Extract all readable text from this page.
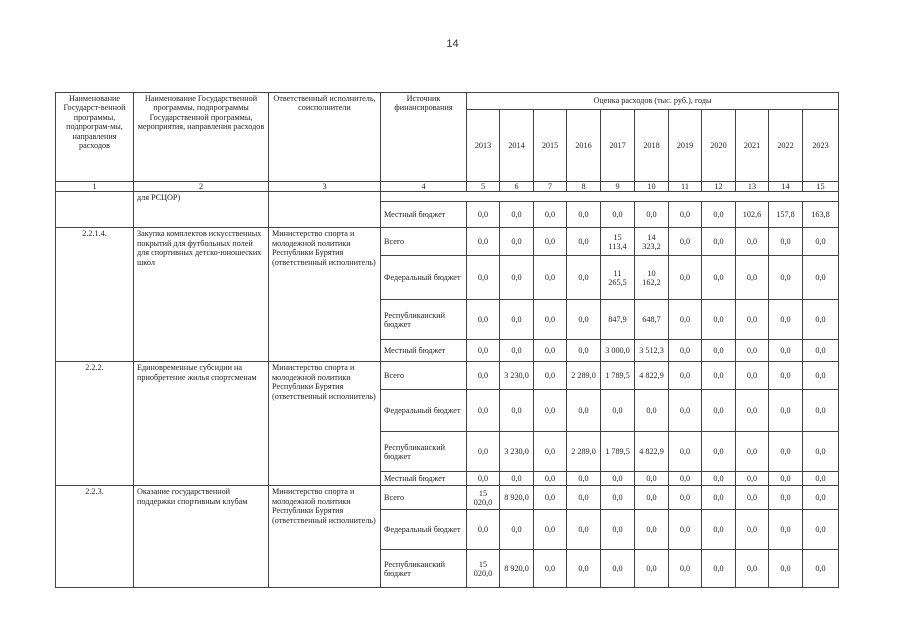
14
Наименование Государст-венной программы, подпрограм-мы, направления расходов	Наименование Государственной программы, подпрограммы Государственной программы, мероприятия, направления расходов	Ответственный исполнитель, соисполнители	Источник финансирования	Оценка расходов (тыс. руб.), годы										
				2013	2014	2015	2016	2017	2018	2019	2020	2021	2022	2023
1	2	3	4	5	6	7	8	9	10	11	12	13	14	15
	для РСЦОР)													
			Местный бюджет	0,0	0,0	0,0	0,0	0,0	0,0	0,0	0,0	102,6	157,8	163,8
2.2.1.4.	Закупка комплектов искусственных покрытий для футбольных полей для спортивных детско-юношеских школ	Министерство спорта и молодежной политики Республики Бурятия (ответственный исполнитель)	Всего	0,0	0,0	0,0	0,0	15 113,4	14 323,2	0,0	0,0	0,0	0,0	0,0
			Федеральный бюджет	0,0	0,0	0,0	0,0	11 265,5	10 162,2	0,0	0,0	0,0	0,0	0,0
			Республиканский бюджет	0,0	0,0	0,0	0,0	847,9	648,7	0,0	0,0	0,0	0,0	0,0
			Местный бюджет	0,0	0,0	0,0	0,0	3 000,0	3 512,3	0,0	0,0	0,0	0,0	0,0
2.2.2.	Единовременные субсидии на приобретение жилья спортсменам	Министерство спорта и молодежной политики Республики Бурятия (ответственный исполнитель)	Всего	0,0	3 230,0	0,0	2 289,0	1 789,5	4 822,9	0,0	0,0	0,0	0,0	0,0
			Федеральный бюджет	0,0	0,0	0,0	0,0	0,0	0,0	0,0	0,0	0,0	0,0	0,0
			Республиканский бюджет	0,0	3 230,0	0,0	2 289,0	1 789,5	4 822,9	0,0	0,0	0,0	0,0	0,0
			Местный бюджет	0,0	0,0	0,0	0,0	0,0	0,0	0,0	0,0	0,0	0,0	0,0
2.2.3.	Оказание государственной поддержки спортивным клубам	Министерство спорта и молодежной политики Республики Бурятия (ответственный исполнитель)	Всего	15 020,0	8 920,0	0,0	0,0	0,0	0,0	0,0	0,0	0,0	0,0	0,0
			Федеральный бюджет	0,0	0,0	0,0	0,0	0,0	0,0	0,0	0,0	0,0	0,0	0,0
			Республиканский бюджет	15 020,0	8 920,0	0,0	0,0	0,0	0,0	0,0	0,0	0,0	0,0	0,0
